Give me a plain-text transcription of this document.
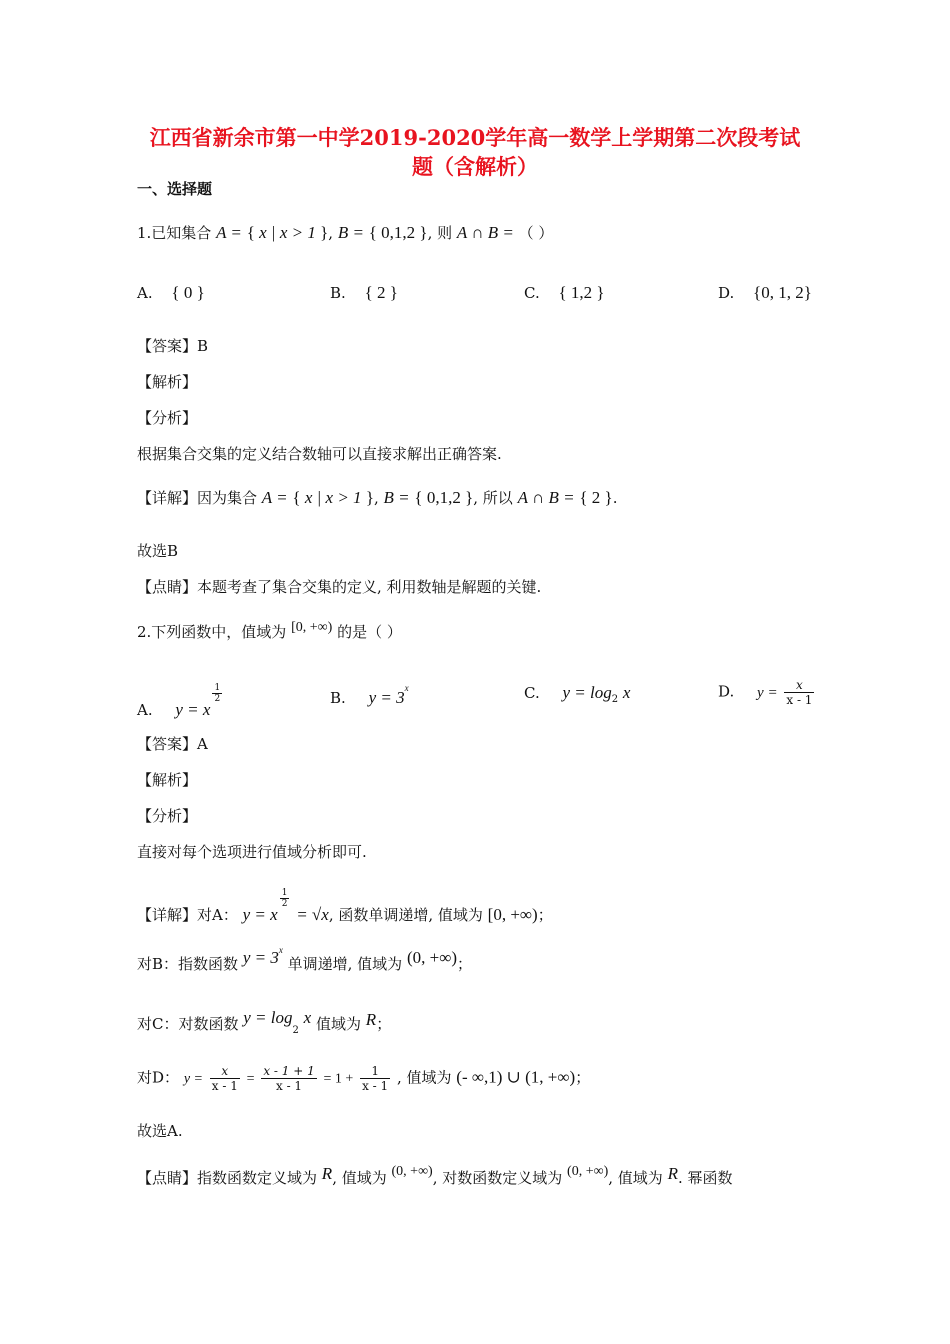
江西省新余市第一中学2019-2020学年高一数学上学期第二次段考试
题（含解析）
一、选择题
1.已知集合 A = { x | x > 1 }, B = { 0,1,2 }, 则 A ∩ B = （ ）
A. { 0 }	B. { 2 }	C. { 1,2 }	D. {0, 1, 2}
【答案】B
【解析】
【分析】
根据集合交集的定义结合数轴可以直接求解出正确答案.
【详解】因为集合 A = { x | x > 1 }, B = { 0,1,2 }, 所以 A ∩ B = { 2 }.
故选B
【点睛】本题考查了集合交集的定义, 利用数轴是解题的关键.
2.下列函数中，值域为 [0, +∞) 的是（ ）
A. y = x
$\frac{1}{2}$	B. $y = 3^x$	C. $y = \log_2 x$	D. $y = \frac{x}{x - 1}$
【答案】A
【解析】
【分析】
直接对每个选项进行值域分析即可.
【详解】对A： y = x
$\frac{1}{2}$
= √x, 函数单调递增, 值域为 [0, +∞)；
对B：指数函数 $y = 3^x$ 单调递增, 值域为 (0, +∞)；
对C：对数函数 $y = \log_2 x$ 值域为 R；
对D： $y = \frac{x}{x - 1} = \frac{x - 1 + 1}{x - 1} = 1 + \frac{1}{x - 1}$ , 值域为 (- ∞,1) ∪ (1, +∞)；
故选A.
【点睛】指数函数定义域为 R, 值域为 (0, +∞), 对数函数定义域为 (0, +∞), 值域为 R. 幂函数
